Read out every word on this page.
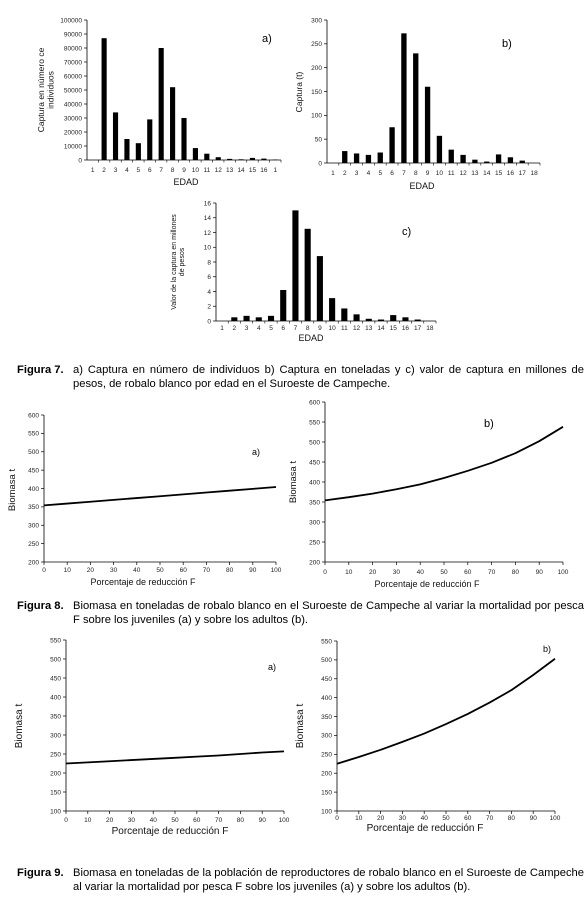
0
10000
20000
30000
40000
50000
60000
70000
80000
90000
100000
1 2 3 4 5 6 7 8 9 10 11 12 13 14 15 16 1
EDAD
Captura en número ceindividuos
a)
0
50
100
150
200
250
300
1 2 3 4 5 6 7 8 9 10 11 12 13 14 15 16 17 18
EDAD
Captura (t)
b)
0
2
4
6
8
10
12
14
16
1 2 3 4 5 6 7 8 9 10 11 12 13 14 15 16 17 18
EDAD
Valor de la captura en millonesde pesos
c)
Figura 7. a) Captura en número de individuos b) Captura en toneladas y c) valor de captura en millones de pesos, de robalo blanco por edad en el Suroeste de Campeche.
200
250
300
350
400
450
500
550
600
0	10 20 30 40 50 60 70 80 90 100
Porcentaje de reducción F
Biomasa t
a)
200
250
300
350
400
450
500
550
600
0	10	20	30	40	50	60	70	80	90 100
Porcentaje de reducción F
Biomasa t
b)
Figura 8. Biomasa en toneladas de robalo blanco en el Suroeste de Campeche al variar la mortalidad por pesca F sobre los juveniles (a) y sobre los adultos (b).
100
150
200
250
300
350
400
450
500
550
0	10 20 30 40 50 60 70 80 90 100
Porcentaje de reducción F
Biomasa t
a)
100
150
200
250
300
350
400
450
500
550
0	10 20 30 40 50 60 70 80 90 100
Porcentaje de reducción F
Biomasa t
b)
Figura 9. Biomasa en toneladas de la población de reproductores de robalo blanco en el Suroeste de Campeche al variar la mortalidad por pesca F sobre los juveniles (a) y sobre los adultos (b).
